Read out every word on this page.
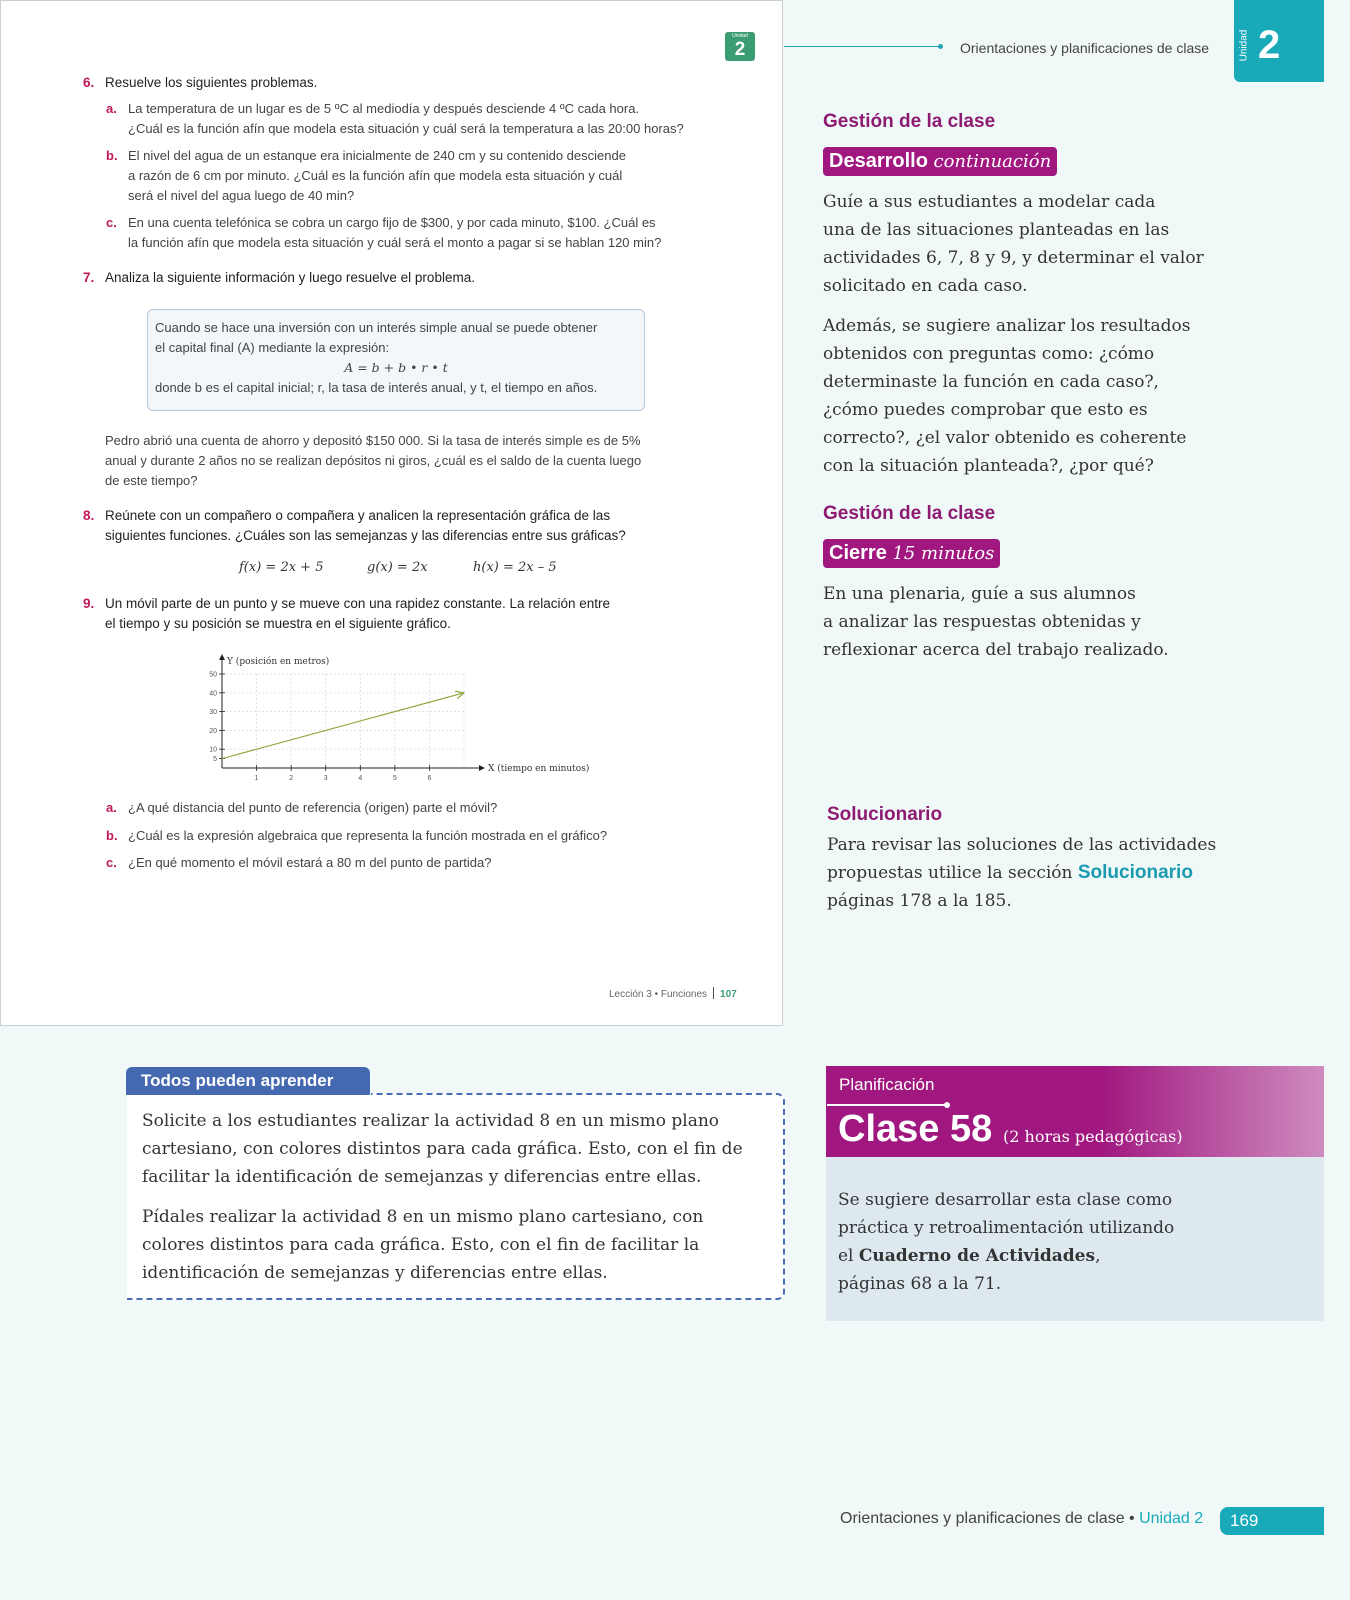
Unidad
2
6. Resuelve los siguientes problemas.
a. La temperatura de un lugar es de 5 ºC al mediodía y después desciende 4 ºC cada hora.
¿Cuál es la función afín que modela esta situación y cuál será la temperatura a las 20:00 horas?
b. El nivel del agua de un estanque era inicialmente de 240 cm y su contenido desciende
a razón de 6 cm por minuto. ¿Cuál es la función afín que modela esta situación y cuál
será el nivel del agua luego de 40 min?
c. En una cuenta telefónica se cobra un cargo fijo de $300, y por cada minuto, $100. ¿Cuál es
la función afín que modela esta situación y cuál será el monto a pagar si se hablan 120 min?
7. Analiza la siguiente información y luego resuelve el problema.
Cuando se hace una inversión con un interés simple anual se puede obtener
el capital final (A) mediante la expresión:
A = b + b • r • t
donde b es el capital inicial; r, la tasa de interés anual, y t, el tiempo en años.
Pedro abrió una cuenta de ahorro y depositó $150 000. Si la tasa de interés simple es de 5%
anual y durante 2 años no se realizan depósitos ni giros, ¿cuál es el saldo de la cuenta luego
de este tiempo?
8. Reúnete con un compañero o compañera y analicen la representación gráfica de las
siguientes funciones. ¿Cuáles son las semejanzas y las diferencias entre sus gráficas?
f(x) = 2x + 5	g(x) = 2x	h(x) = 2x – 5
9. Un móvil parte de un punto y se mueve con una rapidez constante. La relación entre
el tiempo y su posición se muestra en el siguiente gráfico.
1	2	3	4	5	6
5
10
20
30
40
50
Y (posición en metros)
X (tiempo en minutos)
a. ¿A qué distancia del punto de referencia (origen) parte el móvil?
b. ¿Cuál es la expresión algebraica que representa la función mostrada en el gráfico?
c. ¿En qué momento el móvil estará a 80 m del punto de partida?
Lección 3 • Funciones 107
Orientaciones y planificaciones de clase	Unidad 2
Gestión de la clase
Desarrollo continuación
Guíe a sus estudiantes a modelar cada
una de las situaciones planteadas en las
actividades 6, 7, 8 y 9, y determinar el valor
solicitado en cada caso.
Además, se sugiere analizar los resultados
obtenidos con preguntas como: ¿cómo
determinaste la función en cada caso?,
¿cómo puedes comprobar que esto es
correcto?, ¿el valor obtenido es coherente
con la situación planteada?, ¿por qué?
Gestión de la clase
Cierre 15 minutos
En una plenaria, guíe a sus alumnos
a analizar las respuestas obtenidas y
reflexionar acerca del trabajo realizado.
Solucionario
Para revisar las soluciones de las actividades
propuestas utilice la sección Solucionario
páginas 178 a la 185.
Solicite a los estudiantes realizar la actividad 8 en un mismo plano
cartesiano, con colores distintos para cada gráfica. Esto, con el fin de
facilitar la identificación de semejanzas y diferencias entre ellas.
Pídales realizar la actividad 8 en un mismo plano cartesiano, con
colores distintos para cada gráfica. Esto, con el fin de facilitar la
identificación de semejanzas y diferencias entre ellas.
Todos pueden aprender	Planificación
Clase 58 (2 horas pedagógicas)
Se sugiere desarrollar esta clase como
práctica y retroalimentación utilizando
el Cuaderno de Actividades,
páginas 68 a la 71.
Orientaciones y planificaciones de clase • Unidad 2	169
